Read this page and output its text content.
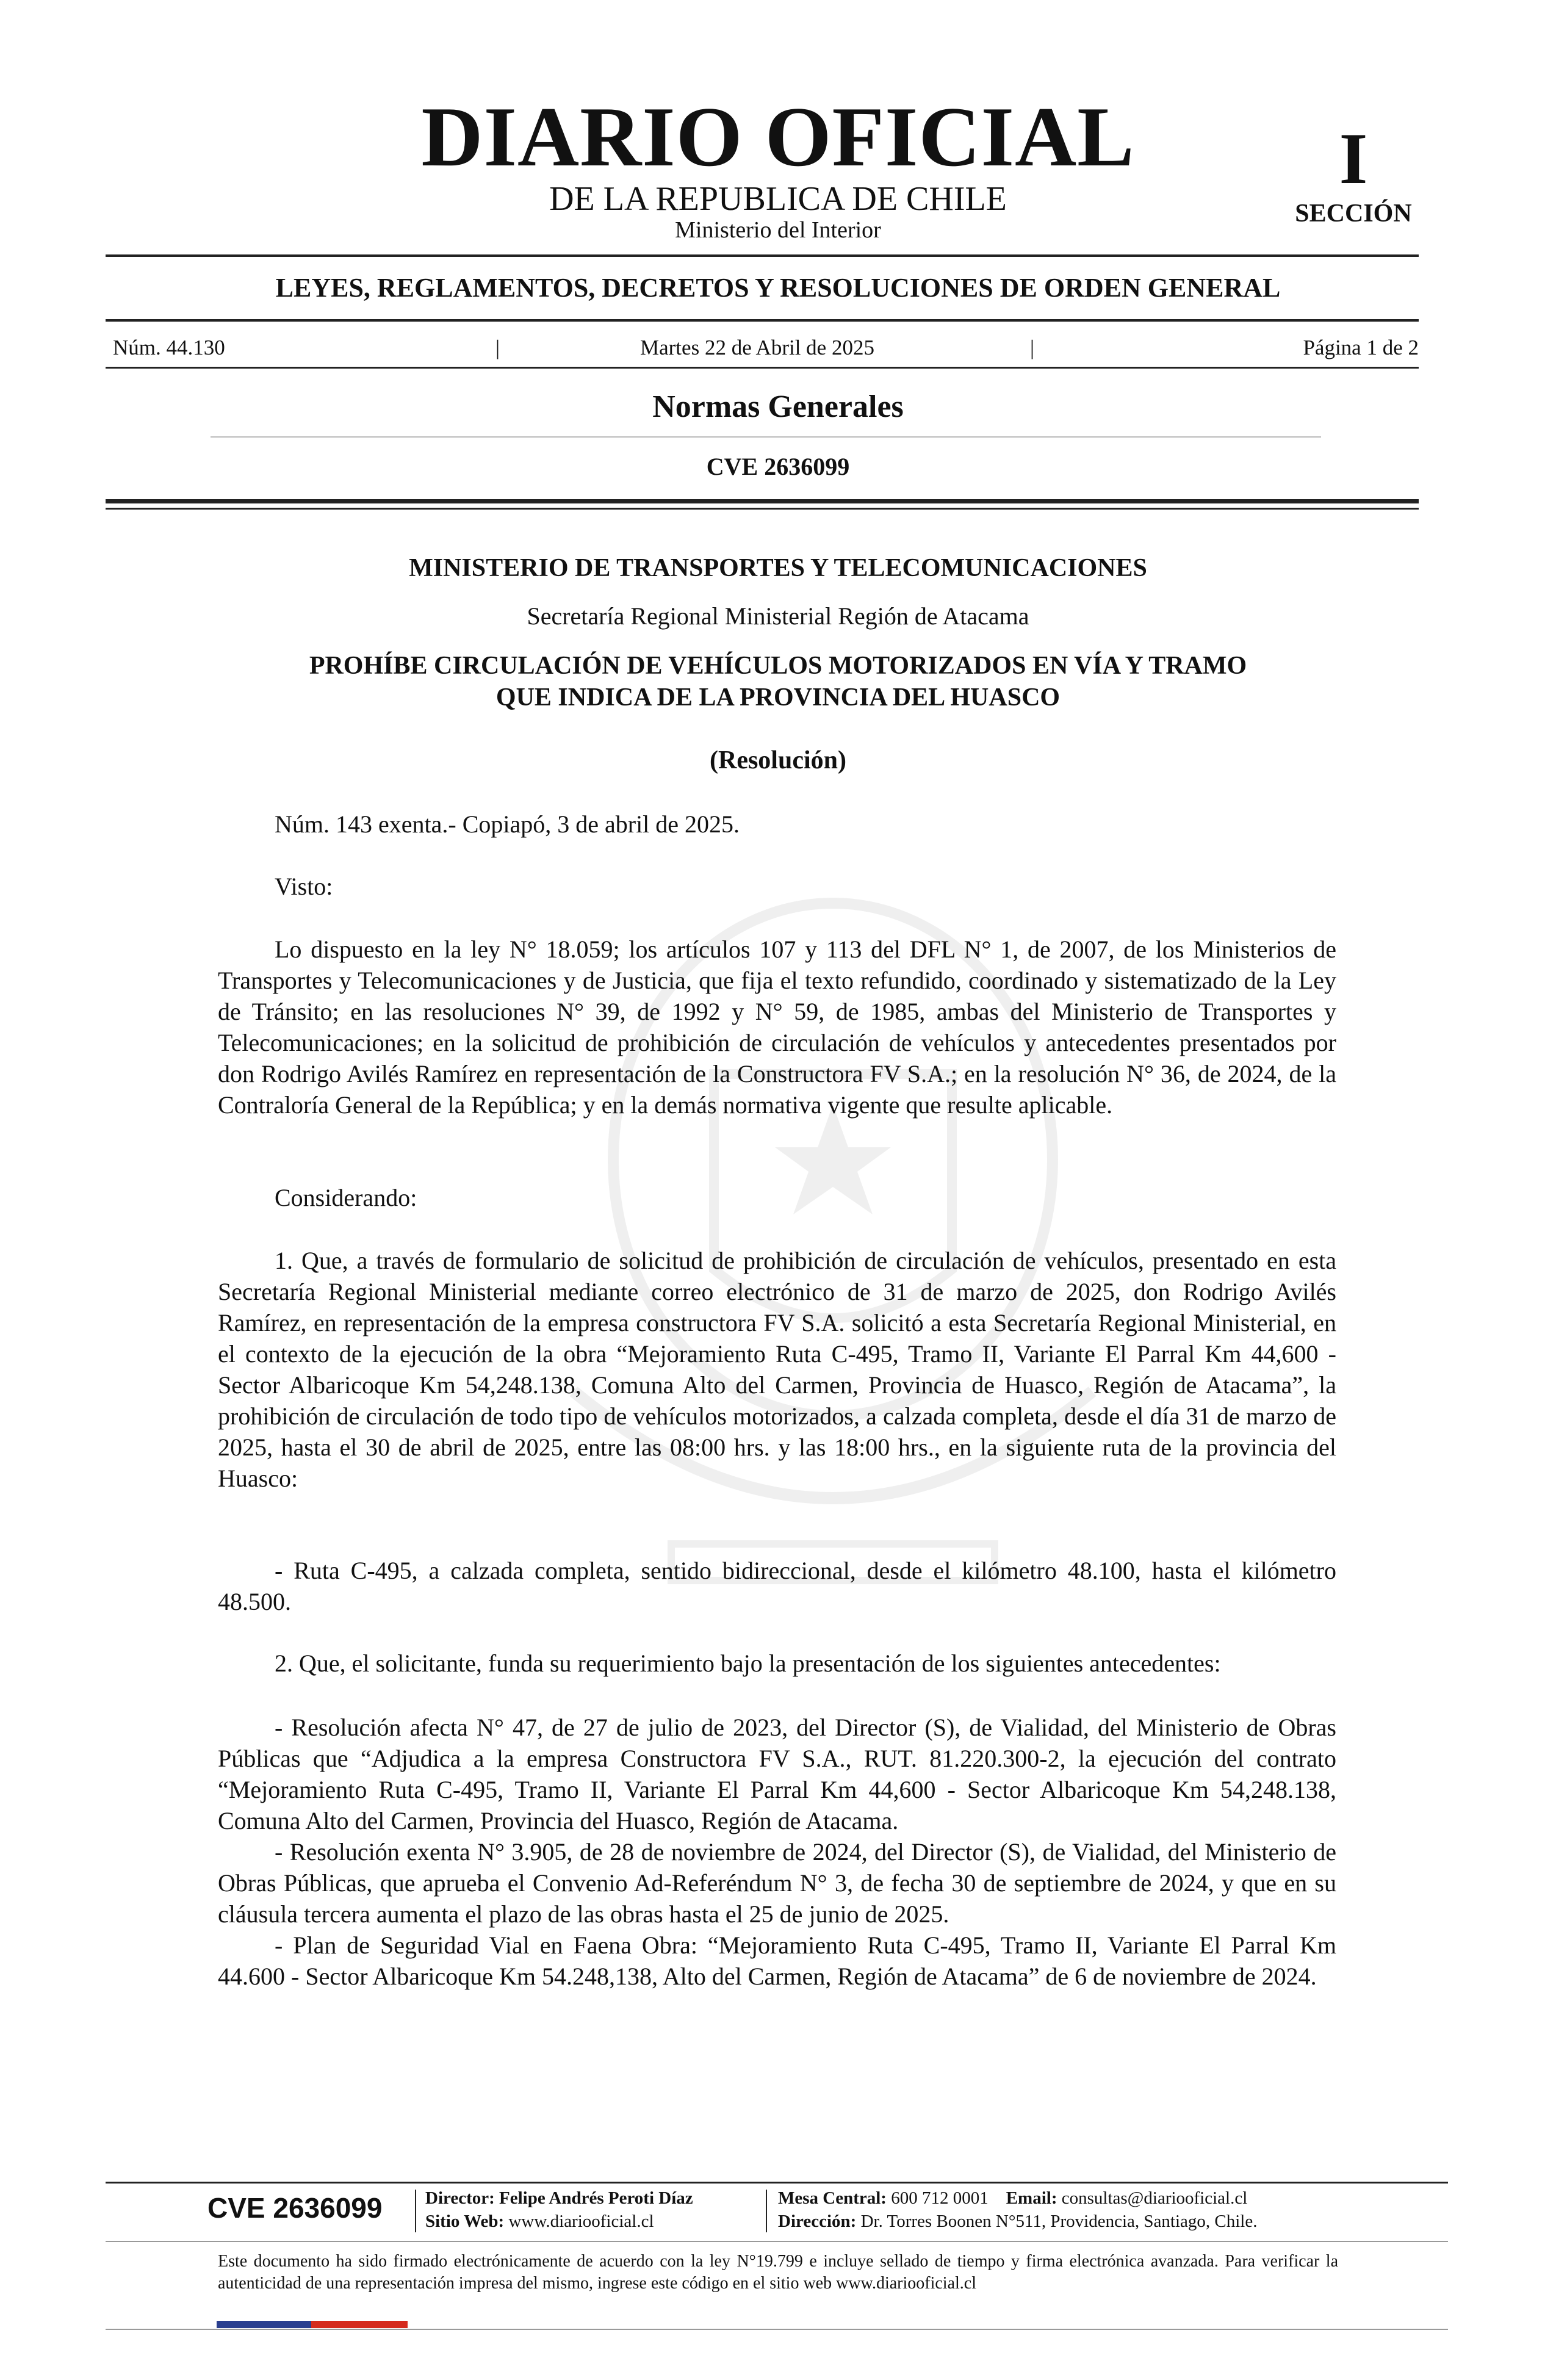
DIARIO OFICIAL
DE LA REPUBLICA DE CHILE
Ministerio del Interior
I
SECCIÓN
LEYES, REGLAMENTOS, DECRETOS Y RESOLUCIONES DE ORDEN GENERAL
Núm. 44.130	|	Martes 22 de Abril de 2025	|	Página 1 de 2
Normas Generales
CVE 2636099
MINISTERIO DE TRANSPORTES Y TELECOMUNICACIONES
Secretaría Regional Ministerial Región de Atacama
PROHÍBE CIRCULACIÓN DE VEHÍCULOS MOTORIZADOS EN VÍA Y TRAMO
QUE INDICA DE LA PROVINCIA DEL HUASCO
(Resolución)
Núm. 143 exenta.- Copiapó, 3 de abril de 2025.
Visto:

Lo dispuesto en la ley N° 18.059; los artículos 107 y 113 del DFL N° 1, de 2007, de los Ministerios de Transportes y Telecomunicaciones y de Justicia, que fija el texto refundido, coordinado y sistematizado de la Ley de Tránsito; en las resoluciones N° 39, de 1992 y N° 59, de 1985, ambas del Ministerio de Transportes y Telecomunicaciones; en la solicitud de prohibición de circulación de vehículos y antecedentes presentados por don Rodrigo Avilés Ramírez en representación de la Constructora FV S.A.; en la resolución N° 36, de 2024, de la Contraloría General de la República; y en la demás normativa vigente que resulte aplicable.

Considerando:

1. Que, a través de formulario de solicitud de prohibición de circulación de vehículos, presentado en esta Secretaría Regional Ministerial mediante correo electrónico de 31 de marzo de 2025, don Rodrigo Avilés Ramírez, en representación de la empresa constructora FV S.A. solicitó a esta Secretaría Regional Ministerial, en el contexto de la ejecución de la obra “Mejoramiento Ruta C-495, Tramo II, Variante El Parral Km 44,600 - Sector Albaricoque Km 54,248.138, Comuna Alto del Carmen, Provincia de Huasco, Región de Atacama”, la prohibición de circulación de todo tipo de vehículos motorizados, a calzada completa, desde el día 31 de marzo de 2025, hasta el 30 de abril de 2025, entre las 08:00 hrs. y las 18:00 hrs., en la siguiente ruta de la provincia del Huasco:

- Ruta C-495, a calzada completa, sentido bidireccional, desde el kilómetro 48.100, hasta el kilómetro 48.500.

2. Que, el solicitante, funda su requerimiento bajo la presentación de los siguientes antecedentes:

- Resolución afecta N° 47, de 27 de julio de 2023, del Director (S), de Vialidad, del Ministerio de Obras Públicas que “Adjudica a la empresa Constructora FV S.A., RUT. 81.220.300-2, la ejecución del contrato “Mejoramiento Ruta C-495, Tramo II, Variante El Parral Km 44,600 - Sector Albaricoque Km 54,248.138, Comuna Alto del Carmen, Provincia del Huasco, Región de Atacama.

- Resolución exenta N° 3.905, de 28 de noviembre de 2024, del Director (S), de Vialidad, del Ministerio de Obras Públicas, que aprueba el Convenio Ad-Referéndum N° 3, de fecha 30 de septiembre de 2024, y que en su cláusula tercera aumenta el plazo de las obras hasta el 25 de junio de 2025.

- Plan de Seguridad Vial en Faena Obra: “Mejoramiento Ruta C-495, Tramo II, Variante El Parral Km 44.600 - Sector Albaricoque Km 54.248,138, Alto del Carmen, Región de Atacama” de 6 de noviembre de 2024.

CVE 2636099 Director: Felipe Andrés Peroti Díaz
Sitio Web: www.diariooficial.cl
Mesa Central: 600 712 0001 Email: consultas@diariooficial.cl
Dirección: Dr. Torres Boonen N°511, Providencia, Santiago, Chile.
Este documento ha sido firmado electrónicamente de acuerdo con la ley N°19.799 e incluye sellado de tiempo y firma electrónica avanzada. Para verificar la autenticidad de una representación impresa del mismo, ingrese este código en el sitio web www.diariooficial.cl
